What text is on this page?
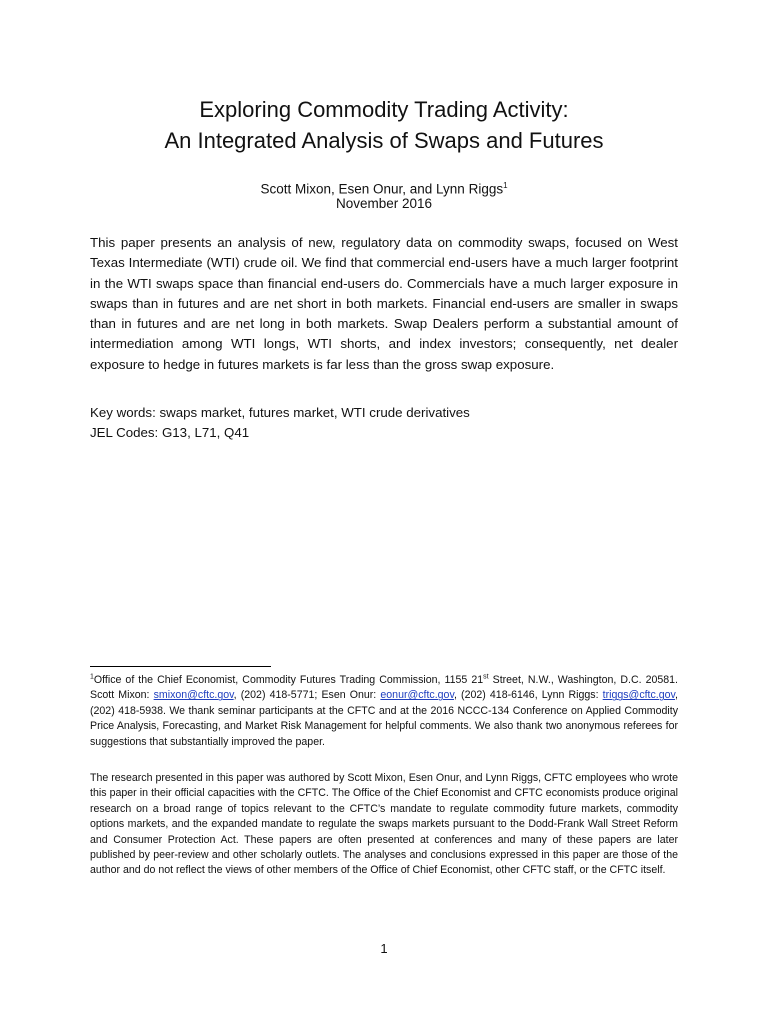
Exploring Commodity Trading Activity:
An Integrated Analysis of Swaps and Futures
Scott Mixon, Esen Onur, and Lynn Riggs$^1$
November 2016

This paper presents an analysis of new, regulatory data on commodity swaps, focused on West Texas Intermediate (WTI) crude oil. We find that commercial end-users have a much larger footprint in the WTI swaps space than financial end-users do. Commercials have a much larger exposure in swaps than in futures and are net short in both markets. Financial end-users are smaller in swaps than in futures and are net long in both markets. Swap Dealers perform a substantial amount of intermediation among WTI longs, WTI shorts, and index investors; consequently, net dealer exposure to hedge in futures markets is far less than the gross swap exposure.

Key words: swaps market, futures market, WTI crude derivatives
JEL Codes: G13, L71, Q41

$^1$Office of the Chief Economist, Commodity Futures Trading Commission, 1155 21st Street, N.W., Washington, D.C. 20581. Scott Mixon: smixon@cftc.gov, (202) 418-5771; Esen Onur: eonur@cftc.gov, (202) 418-6146, Lynn Riggs: triggs@cftc.gov, (202) 418-5938. We thank seminar participants at the CFTC and at the 2016 NCCC-134 Conference on Applied Commodity Price Analysis, Forecasting, and Market Risk Management for helpful comments. We also thank two anonymous referees for suggestions that substantially improved the paper.

The research presented in this paper was authored by Scott Mixon, Esen Onur, and Lynn Riggs, CFTC employees who wrote this paper in their official capacities with the CFTC. The Office of the Chief Economist and CFTC economists produce original research on a broad range of topics relevant to the CFTC’s mandate to regulate commodity future markets, commodity options markets, and the expanded mandate to regulate the swaps markets pursuant to the Dodd-Frank Wall Street Reform and Consumer Protection Act. These papers are often presented at conferences and many of these papers are later published by peer-review and other scholarly outlets. The analyses and conclusions expressed in this paper are those of the author and do not reflect the views of other members of the Office of Chief Economist, other CFTC staff, or the CFTC itself.

1
